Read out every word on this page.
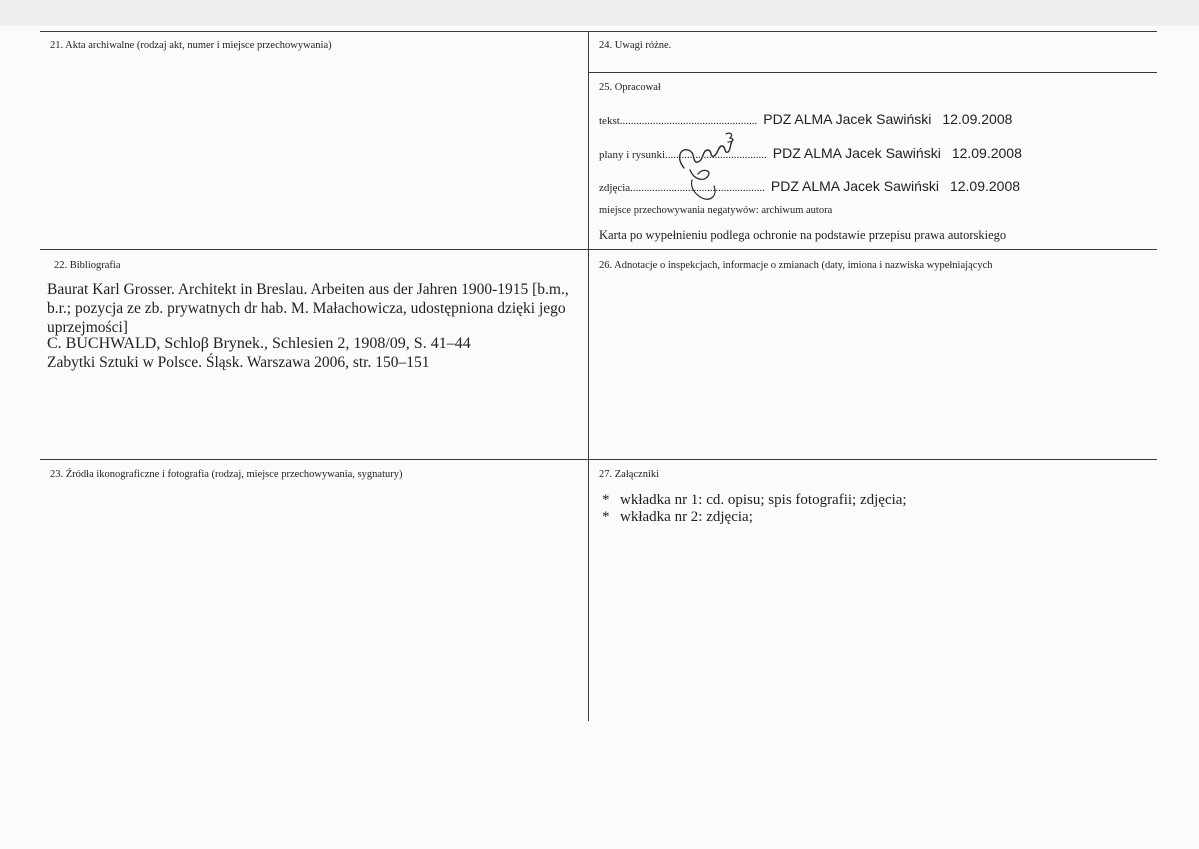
21. Akta archiwalne (rodzaj akt, numer i miejsce przechowywania)	24. Uwagi różne.
25. Opracował
tekst .................................................. PDZ ALMA Jacek Sawiński 12.09.2008
plany i rysunki ..................................... PDZ ALMA Jacek Sawiński 12.09.2008
zdjęcia ................................................. PDZ ALMA Jacek Sawiński 12.09.2008
miejsce przechowywania negatywów: archiwum autora
Karta po wypełnieniu podlega ochronie na podstawie przepisu prawa autorskiego
22. Bibliografia
Baurat Karl Grosser. Architekt in Breslau. Arbeiten aus der Jahren 1900-1915 [b.m., b.r.; pozycja ze zb. prywatnych dr hab. M. Małachowicza, udostępniona dzięki jego uprzejmości]
C. BUCHWALD, Schloβ Brynek., Schlesien 2, 1908/09, S. 41–44
Zabytki Sztuki w Polsce. Śląsk. Warszawa 2006, str. 150–151
26. Adnotacje o inspekcjach, informacje o zmianach (daty, imiona i nazwiska wypełniających
23. Źródła ikonograficzne i fotografia (rodzaj, miejsce przechowywania, sygnatury)	27. Załączniki
* wkładka nr 1: cd. opisu; spis fotografii; zdjęcia;
* wkładka nr 2: zdjęcia;
